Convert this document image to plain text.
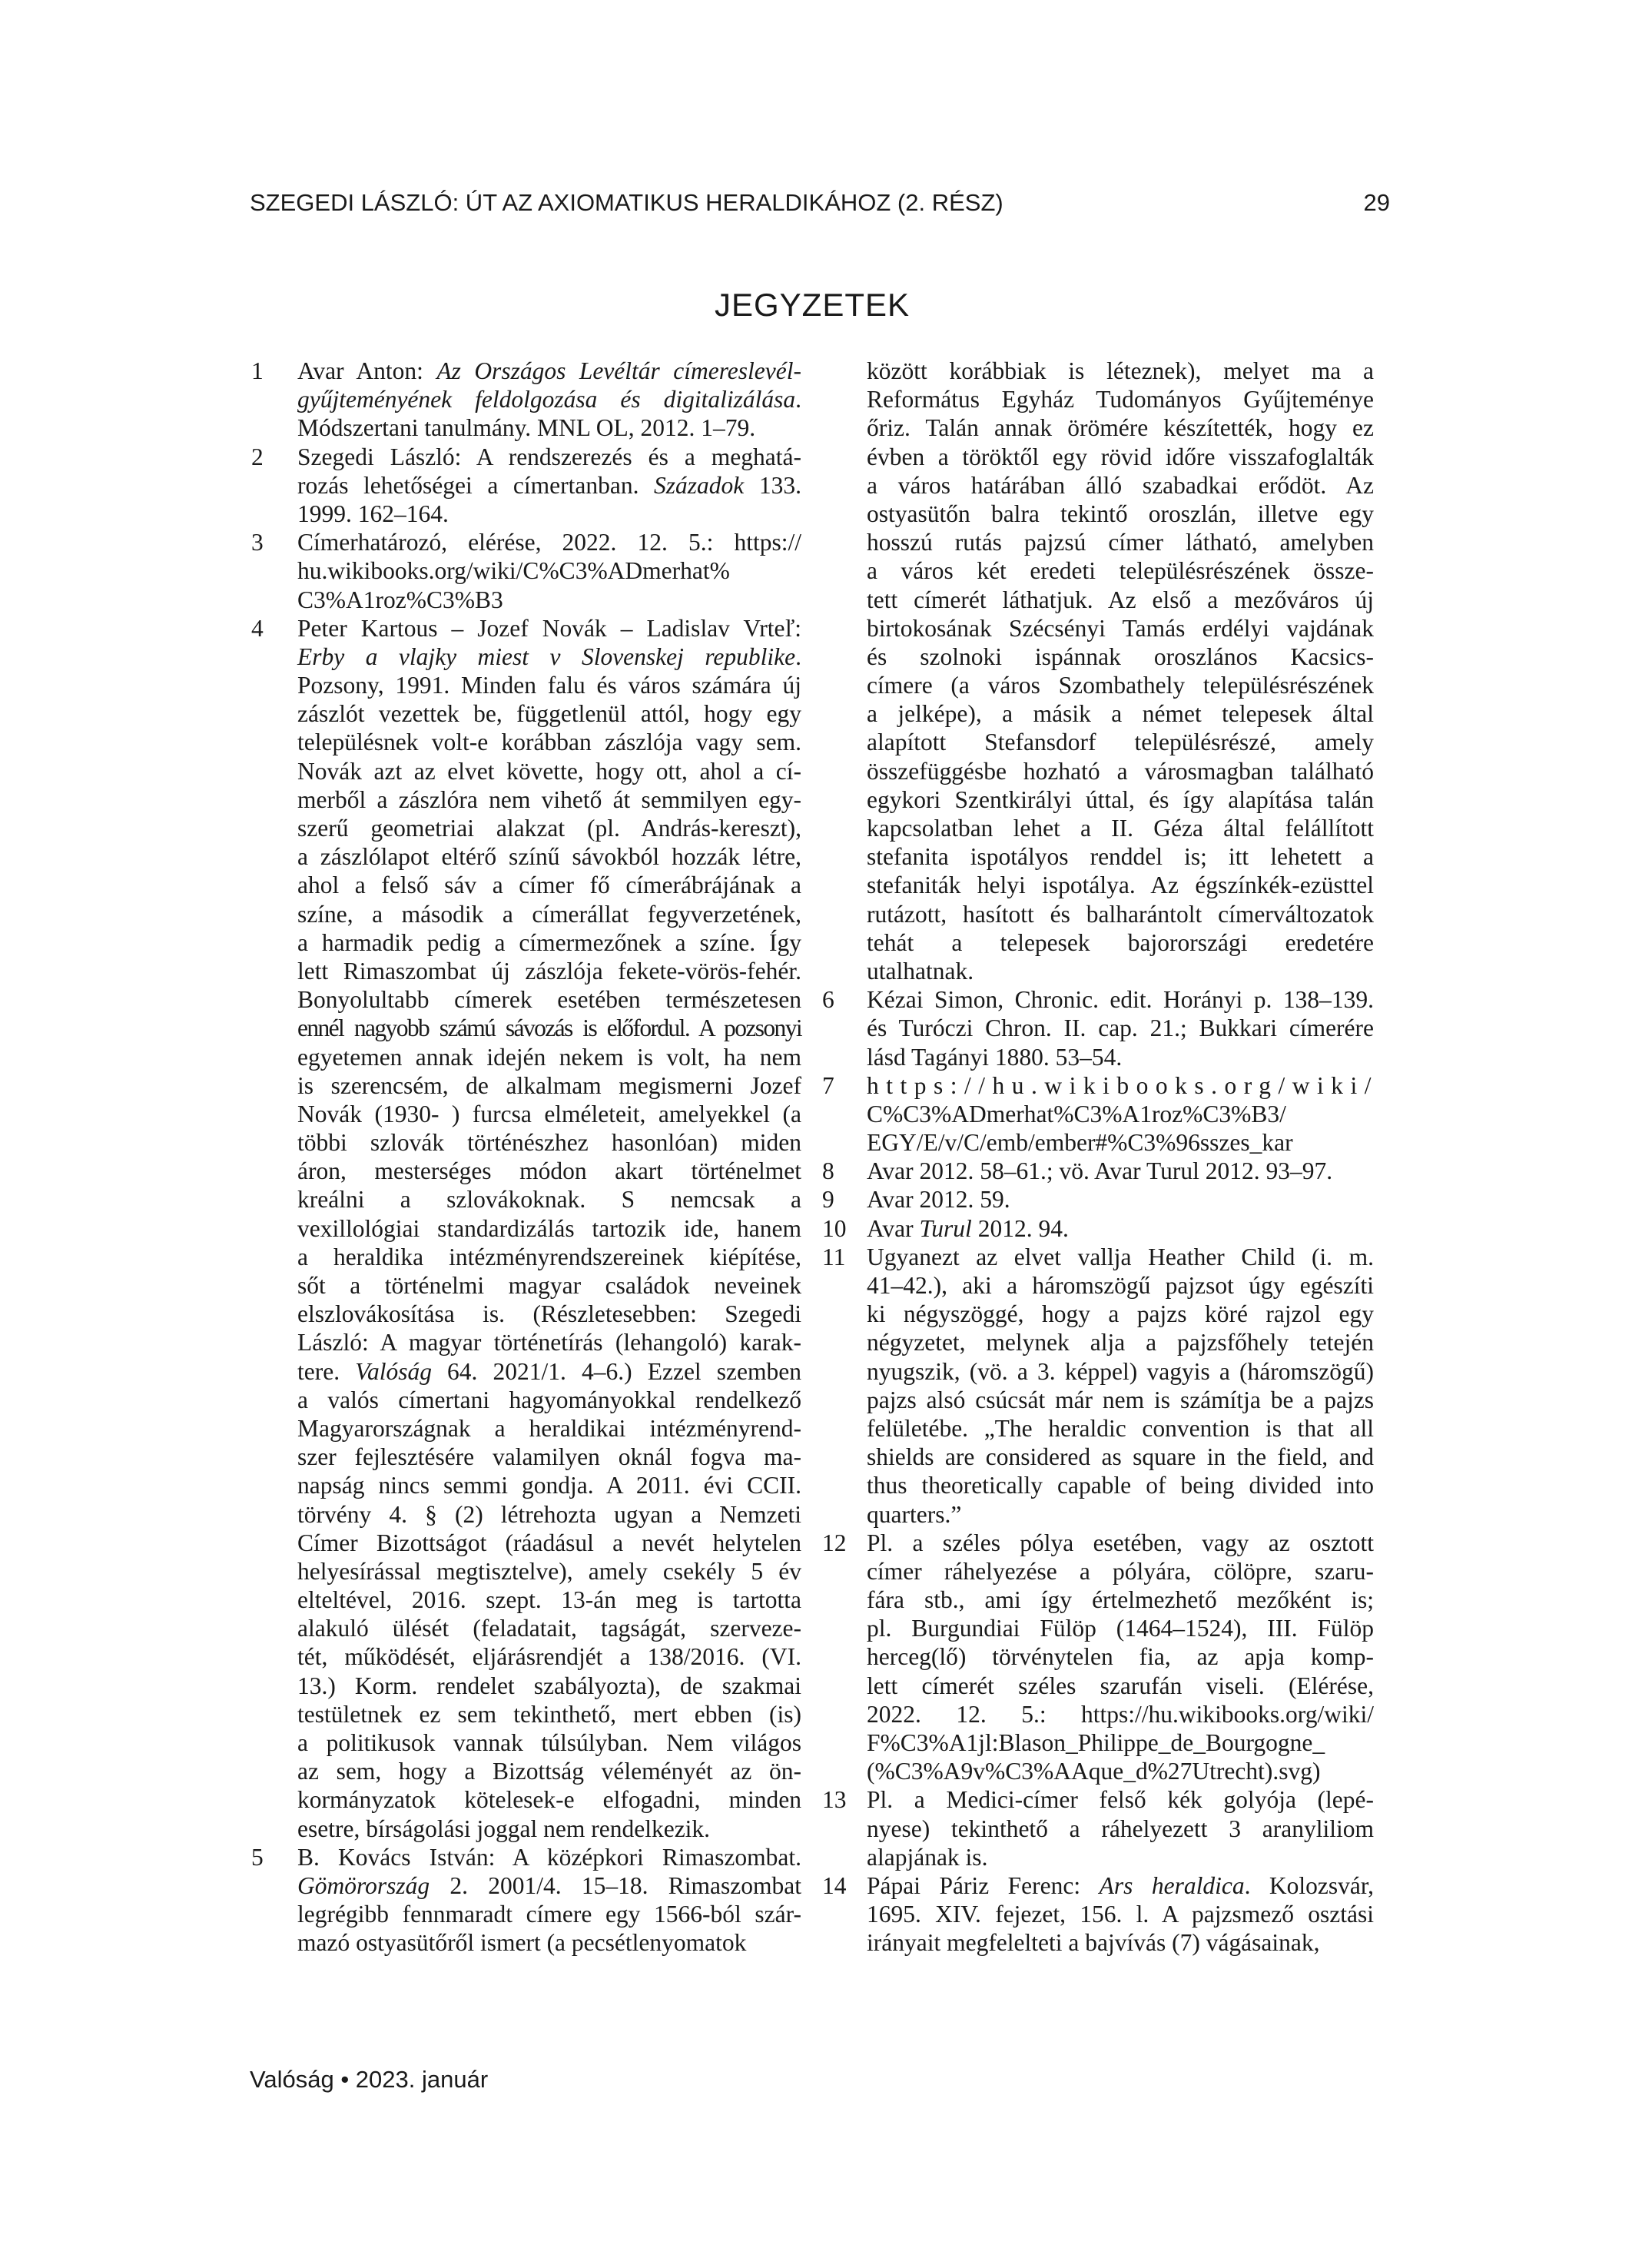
SZEGEDI LÁSZLÓ: ÚT AZ AXIOMATIKUS HERALDIKÁHOZ (2. RÉSZ)	29
JEGYZETEK
1 Avar Anton: Az Országos Levéltár címereslevél-
gyűjteményének feldolgozása és digitalizálása.
Módszertani tanulmány. MNL OL, 2012. 1–79.
2 Szegedi László: A rendszerezés és a meghatá-
rozás lehetőségei a címertanban. Századok 133.
1999. 162–164.
3 Címerhatározó, elérése, 2022. 12. 5.: https://
hu.wikibooks.org/wiki/C%C3%ADmerhat%
C3%A1roz%C3%B3
4 Peter Kartous – Jozef Novák – Ladislav Vrteľ:
Erby a vlajky miest v Slovenskej republike.
Pozsony, 1991. Minden falu és város számára új
zászlót vezettek be, függetlenül attól, hogy egy
településnek volt-e korábban zászlója vagy sem.
Novák azt az elvet követte, hogy ott, ahol a cí-
merből a zászlóra nem vihető át semmilyen egy-
szerű geometriai alakzat (pl. András-kereszt),
a zászlólapot eltérő színű sávokból hozzák létre,
ahol a felső sáv a címer fő címerábrájának a
színe, a második a címerállat fegyverzetének,
a harmadik pedig a címermezőnek a színe. Így
lett Rimaszombat új zászlója fekete-vörös-fehér.
Bonyolultabb címerek esetében természetesen
ennél nagyobb számú sávozás is előfordul. A pozsonyi
egyetemen annak idején nekem is volt, ha nem
is szerencsém, de alkalmam megismerni Jozef
Novák (1930- ) furcsa elméleteit, amelyekkel (a
többi szlovák történészhez hasonlóan) miden
áron, mesterséges módon akart történelmet
kreálni a szlovákoknak. S nemcsak a
vexillológiai standardizálás tartozik ide, hanem
a heraldika intézményrendszereinek kiépítése,
sőt a történelmi magyar családok neveinek
elszlovákosítása is. (Részletesebben: Szegedi
László: A magyar történetírás (lehangoló) karak-
tere. Valóság 64. 2021/1. 4–6.) Ezzel szemben
a valós címertani hagyományokkal rendelkező
Magyarországnak a heraldikai intézményrend-
szer fejlesztésére valamilyen oknál fogva ma-
napság nincs semmi gondja. A 2011. évi CCII.
törvény 4. § (2) létrehozta ugyan a Nemzeti
Címer Bizottságot (ráadásul a nevét helytelen
helyesírással megtisztelve), amely csekély 5 év
elteltével, 2016. szept. 13-án meg is tartotta
alakuló ülését (feladatait, tagságát, szerveze-
tét, működését, eljárásrendjét a 138/2016. (VI.
13.) Korm. rendelet szabályozta), de szakmai
testületnek ez sem tekinthető, mert ebben (is)
a politikusok vannak túlsúlyban. Nem világos
az sem, hogy a Bizottság véleményét az ön-
kormányzatok kötelesek-e elfogadni, minden
esetre, bírságolási joggal nem rendelkezik.
5 B. Kovács István: A középkori Rimaszombat.
Gömörország 2. 2001/4. 15–18. Rimaszombat
legrégibb fennmaradt címere egy 1566-ból szár-
mazó ostyasütőről ismert (a pecsétlenyomatok
között korábbiak is léteznek), melyet ma a
Református Egyház Tudományos Gyűjteménye
őriz. Talán annak örömére készítették, hogy ez
évben a töröktől egy rövid időre visszafoglalták
a város határában álló szabadkai erődöt. Az
ostyasütőn balra tekintő oroszlán, illetve egy
hosszú rutás pajzsú címer látható, amelyben
a város két eredeti településrészének össze-
tett címerét láthatjuk. Az első a mezőváros új
birtokosának Szécsényi Tamás erdélyi vajdának
és szolnoki ispánnak oroszlános Kacsics-
címere (a város Szombathely településrészének
a jelképe), a másik a német telepesek által
alapított Stefansdorf településrészé, amely
összefüggésbe hozható a városmagban található
egykori Szentkirályi úttal, és így alapítása talán
kapcsolatban lehet a II. Géza által felállított
stefanita ispotályos renddel is; itt lehetett a
stefaniták helyi ispotálya. Az égszínkék-ezüsttel
rutázott, hasított és balharántolt címerváltozatok
tehát a telepesek bajorországi eredetére
utalhatnak.
6 Kézai Simon, Chronic. edit. Horányi p. 138–139.
és Turóczi Chron. II. cap. 21.; Bukkari címerére
lásd Tagányi 1880. 53–54.
7 https://hu.wikibooks.org/wiki/
C%C3%ADmerhat%C3%A1roz%C3%B3/
EGY/E/v/C/emb/ember#%C3%96sszes_kar
8 Avar 2012. 58–61.; vö. Avar Turul 2012. 93–97.
9 Avar 2012. 59.
10 Avar Turul 2012. 94.
11 Ugyanezt az elvet vallja Heather Child (i. m.
41–42.), aki a háromszögű pajzsot úgy egészíti
ki négyszöggé, hogy a pajzs köré rajzol egy
négyzetet, melynek alja a pajzsfőhely tetején
nyugszik, (vö. a 3. képpel) vagyis a (háromszögű)
pajzs alsó csúcsát már nem is számítja be a pajzs
felületébe. „The heraldic convention is that all
shields are considered as square in the field, and
thus theoretically capable of being divided into
quarters.”
12 Pl. a széles pólya esetében, vagy az osztott
címer ráhelyezése a pólyára, cölöpre, szaru-
fára stb., ami így értelmezhető mezőként is;
pl. Burgundiai Fülöp (1464–1524), III. Fülöp
herceg(lő) törvénytelen fia, az apja komp-
lett címerét széles szarufán viseli. (Elérése,
2022. 12. 5.: https://hu.wikibooks.org/wiki/
F%C3%A1jl:Blason_Philippe_de_Bourgogne_
(%C3%A9v%C3%AAque_d%27Utrecht).svg)
13 Pl. a Medici-címer felső kék golyója (lepé-
nyese) tekinthető a ráhelyezett 3 aranyliliom
alapjának is.
14 Pápai Páriz Ferenc: Ars heraldica. Kolozsvár,
1695. XIV. fejezet, 156. l. A pajzsmező osztási
irányait megfelelteti a bajvívás (7) vágásainak,
Valóság • 2023. január
